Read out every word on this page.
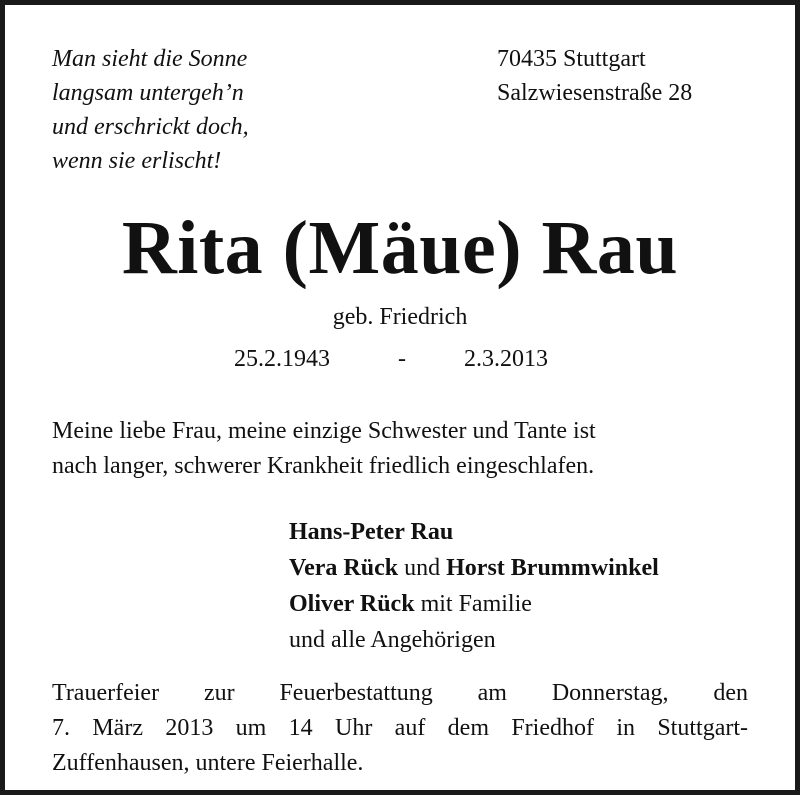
Man sieht die Sonne
langsam untergeh’n
und erschrickt doch,
wenn sie erlischt!
70435 Stuttgart
Salzwiesenstraße 28
Rita (Mäue) Rau
geb. Friedrich
25.2.1943	- 2.3.2013
Meine liebe Frau, meine einzige Schwester und Tante ist
nach langer, schwerer Krankheit friedlich eingeschlafen.
Hans-Peter Rau
Vera Rück und Horst Brummwinkel
Oliver Rück mit Familie
und alle Angehörigen
Trauerfeier zur Feuerbestattung am Donnerstag, den
7. März 2013 um 14 Uhr auf dem Friedhof in Stuttgart-
Zuffenhausen, untere Feierhalle.
